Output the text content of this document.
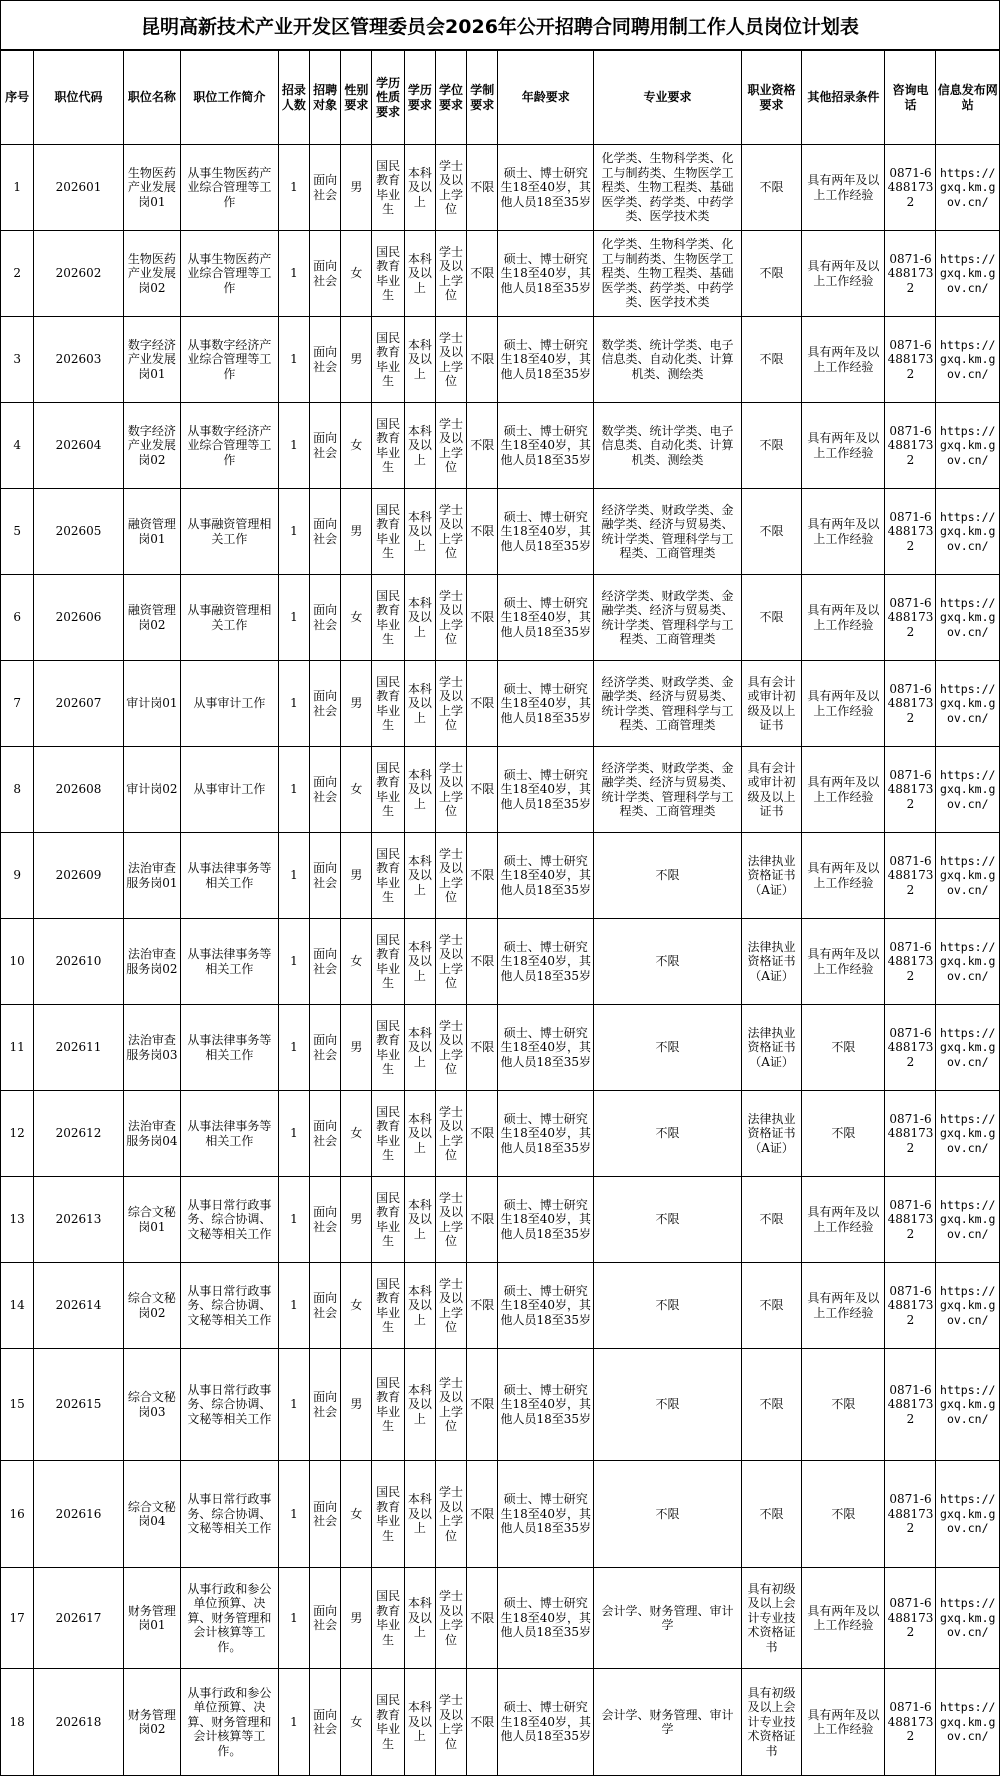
昆明高新技术产业开发区管理委员会2026年公开招聘合同聘用制工作人员岗位计划表
序号	职位代码	职位名称	职位工作简介	招录人数	招聘对象	性别要求	学历性质要求	学历要求	学位要求	学制要求	年龄要求	专业要求	职业资格要求	其他招录条件	咨询电话	信息发布网站

1	202601	生物医药产业发展岗01	从事生物医药产业综合管理等工作	1	面向社会	男	国民教育毕业生	本科及以上	学士及以上学位	不限	硕士、博士研究生18至40岁，其他人员18至35岁	化学类、生物科学类、化工与制药类、生物医学工程类、生物工程类、基础医学类、药学类、中药学类、医学技术类	不限	具有两年及以上工作经验	0871-64881732	https://gxq.km.gov.cn/

2	202602	生物医药产业发展岗02	从事生物医药产业综合管理等工作	1	面向社会	女	国民教育毕业生	本科及以上	学士及以上学位	不限	硕士、博士研究生18至40岁，其他人员18至35岁	化学类、生物科学类、化工与制药类、生物医学工程类、生物工程类、基础医学类、药学类、中药学类、医学技术类	不限	具有两年及以上工作经验	0871-64881732	https://gxq.km.gov.cn/

3	202603	数字经济产业发展岗01	从事数字经济产业综合管理等工作	1	面向社会	男	国民教育毕业生	本科及以上	学士及以上学位	不限	硕士、博士研究生18至40岁，其他人员18至35岁	数学类、统计学类、电子信息类、自动化类、计算机类、测绘类	不限	具有两年及以上工作经验	0871-64881732	https://gxq.km.gov.cn/

4	202604	数字经济产业发展岗02	从事数字经济产业综合管理等工作	1	面向社会	女	国民教育毕业生	本科及以上	学士及以上学位	不限	硕士、博士研究生18至40岁，其他人员18至35岁	数学类、统计学类、电子信息类、自动化类、计算机类、测绘类	不限	具有两年及以上工作经验	0871-64881732	https://gxq.km.gov.cn/

5	202605	融资管理岗01	从事融资管理相关工作	1	面向社会	男	国民教育毕业生	本科及以上	学士及以上学位	不限	硕士、博士研究生18至40岁，其他人员18至35岁	经济学类、财政学类、金融学类、经济与贸易类、统计学类、管理科学与工程类、工商管理类	不限	具有两年及以上工作经验	0871-64881732	https://gxq.km.gov.cn/

6	202606	融资管理岗02	从事融资管理相关工作	1	面向社会	女	国民教育毕业生	本科及以上	学士及以上学位	不限	硕士、博士研究生18至40岁，其他人员18至35岁	经济学类、财政学类、金融学类、经济与贸易类、统计学类、管理科学与工程类、工商管理类	不限	具有两年及以上工作经验	0871-64881732	https://gxq.km.gov.cn/

7	202607	审计岗01	从事审计工作	1	面向社会	男	国民教育毕业生	本科及以上	学士及以上学位	不限	硕士、博士研究生18至40岁，其他人员18至35岁	经济学类、财政学类、金融学类、经济与贸易类、统计学类、管理科学与工程类、工商管理类	具有会计或审计初级及以上证书	具有两年及以上工作经验	0871-64881732	https://gxq.km.gov.cn/

8	202608	审计岗02	从事审计工作	1	面向社会	女	国民教育毕业生	本科及以上	学士及以上学位	不限	硕士、博士研究生18至40岁，其他人员18至35岁	经济学类、财政学类、金融学类、经济与贸易类、统计学类、管理科学与工程类、工商管理类	具有会计或审计初级及以上证书	具有两年及以上工作经验	0871-64881732	https://gxq.km.gov.cn/

9	202609	法治审查服务岗01	从事法律事务等相关工作	1	面向社会	男	国民教育毕业生	本科及以上	学士及以上学位	不限	硕士、博士研究生18至40岁，其他人员18至35岁	不限	法律执业资格证书（A证）	具有两年及以上工作经验	0871-64881732	https://gxq.km.gov.cn/

10	202610	法治审查服务岗02	从事法律事务等相关工作	1	面向社会	女	国民教育毕业生	本科及以上	学士及以上学位	不限	硕士、博士研究生18至40岁，其他人员18至35岁	不限	法律执业资格证书（A证）	具有两年及以上工作经验	0871-64881732	https://gxq.km.gov.cn/

11	202611	法治审查服务岗03	从事法律事务等相关工作	1	面向社会	男	国民教育毕业生	本科及以上	学士及以上学位	不限	硕士、博士研究生18至40岁，其他人员18至35岁	不限	法律执业资格证书（A证）	不限	0871-64881732	https://gxq.km.gov.cn/

12	202612	法治审查服务岗04	从事法律事务等相关工作	1	面向社会	女	国民教育毕业生	本科及以上	学士及以上学位	不限	硕士、博士研究生18至40岁，其他人员18至35岁	不限	法律执业资格证书（A证）	不限	0871-64881732	https://gxq.km.gov.cn/

13	202613	综合文秘岗01	从事日常行政事务、综合协调、文秘等相关工作	1	面向社会	男	国民教育毕业生	本科及以上	学士及以上学位	不限	硕士、博士研究生18至40岁，其他人员18至35岁	不限	不限	具有两年及以上工作经验	0871-64881732	https://gxq.km.gov.cn/

14	202614	综合文秘岗02	从事日常行政事务、综合协调、文秘等相关工作	1	面向社会	女	国民教育毕业生	本科及以上	学士及以上学位	不限	硕士、博士研究生18至40岁，其他人员18至35岁	不限	不限	具有两年及以上工作经验	0871-64881732	https://gxq.km.gov.cn/

15	202615	综合文秘岗03	从事日常行政事务、综合协调、文秘等相关工作	1	面向社会	男	国民教育毕业生	本科及以上	学士及以上学位	不限	硕士、博士研究生18至40岁，其他人员18至35岁	不限	不限	不限	0871-64881732	https://gxq.km.gov.cn/

16	202616	综合文秘岗04	从事日常行政事务、综合协调、文秘等相关工作	1	面向社会	女	国民教育毕业生	本科及以上	学士及以上学位	不限	硕士、博士研究生18至40岁，其他人员18至35岁	不限	不限	不限	0871-64881732	https://gxq.km.gov.cn/

17	202617	财务管理岗01	从事行政和参公单位预算、决算、财务管理和会计核算等工作。	1	面向社会	男	国民教育毕业生	本科及以上	学士及以上学位	不限	硕士、博士研究生18至40岁，其他人员18至35岁	会计学、财务管理、审计学	具有初级及以上会计专业技术资格证书	具有两年及以上工作经验	0871-64881732	https://gxq.km.gov.cn/

18	202618	财务管理岗02	从事行政和参公单位预算、决算、财务管理和会计核算等工作。	1	面向社会	女	国民教育毕业生	本科及以上	学士及以上学位	不限	硕士、博士研究生18至40岁，其他人员18至35岁	会计学、财务管理、审计学	具有初级及以上会计专业技术资格证书	具有两年及以上工作经验	0871-64881732	https://gxq.km.gov.cn/
